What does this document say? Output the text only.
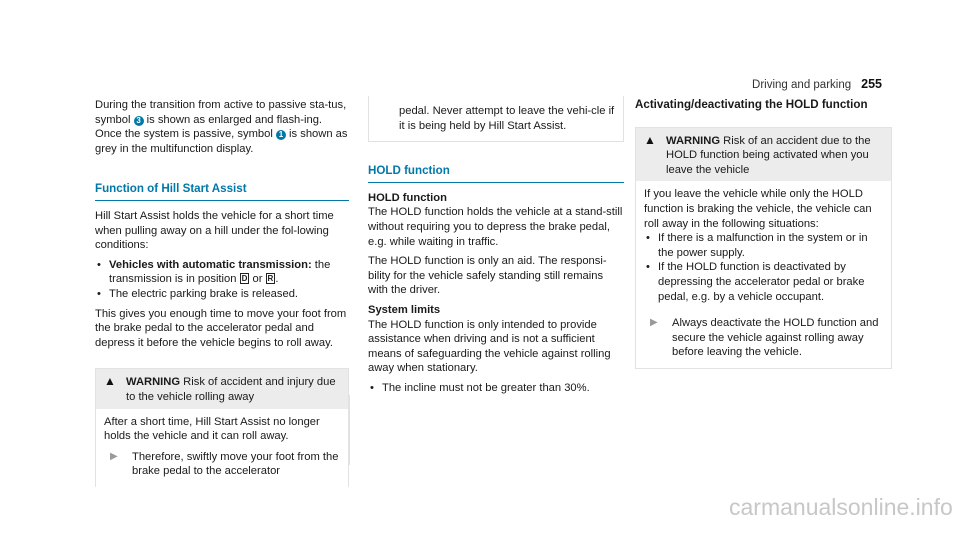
Driving and parking 255

During the transition from active to passive sta-tus, symbol 3 is shown as enlarged and flash-ing. Once the system is passive, symbol 1 is shown as grey in the multifunction display.

Function of Hill Start Assist

Hill Start Assist holds the vehicle for a short time when pulling away on a hill under the fol-lowing conditions:

• Vehicles with automatic transmission: the transmission is in position D or R .
• The electric parking brake is released.

This gives you enough time to move your foot from the brake pedal to the accelerator pedal and depress it before the vehicle begins to roll away.

▲ WARNING Risk of accident and injury due to the vehicle rolling away
After a short time, Hill Start Assist no longer holds the vehicle and it can roll away.
▶	Therefore, swiftly move your foot from the brake pedal to the accelerator
pedal. Never attempt to leave the vehi-cle if it is being held by Hill Start Assist.
HOLD function
HOLD function

The HOLD function holds the vehicle at a stand-still without requiring you to depress the brake pedal, e.g. while waiting in traffic.

The HOLD function is only an aid. The responsi-bility for the vehicle safely standing still remains with the driver.

System limits

The HOLD function is only intended to provide assistance when driving and is not a sufficient means of safeguarding the vehicle against rolling away when stationary.

• The incline must not be greater than 30%.
Activating/deactivating the HOLD function
▲ WARNING Risk of an accident due to the HOLD function being activated when you leave the vehicle
If you leave the vehicle while only the HOLD function is braking the vehicle, the vehicle can roll away in the following situations:
• If there is a malfunction in the system or in the power supply.
• If the HOLD function is deactivated by depressing the accelerator pedal or brake pedal, e.g. by a vehicle occupant.
▶	Always deactivate the HOLD function and secure the vehicle against rolling away before leaving the vehicle.
carmanualsonline.info
